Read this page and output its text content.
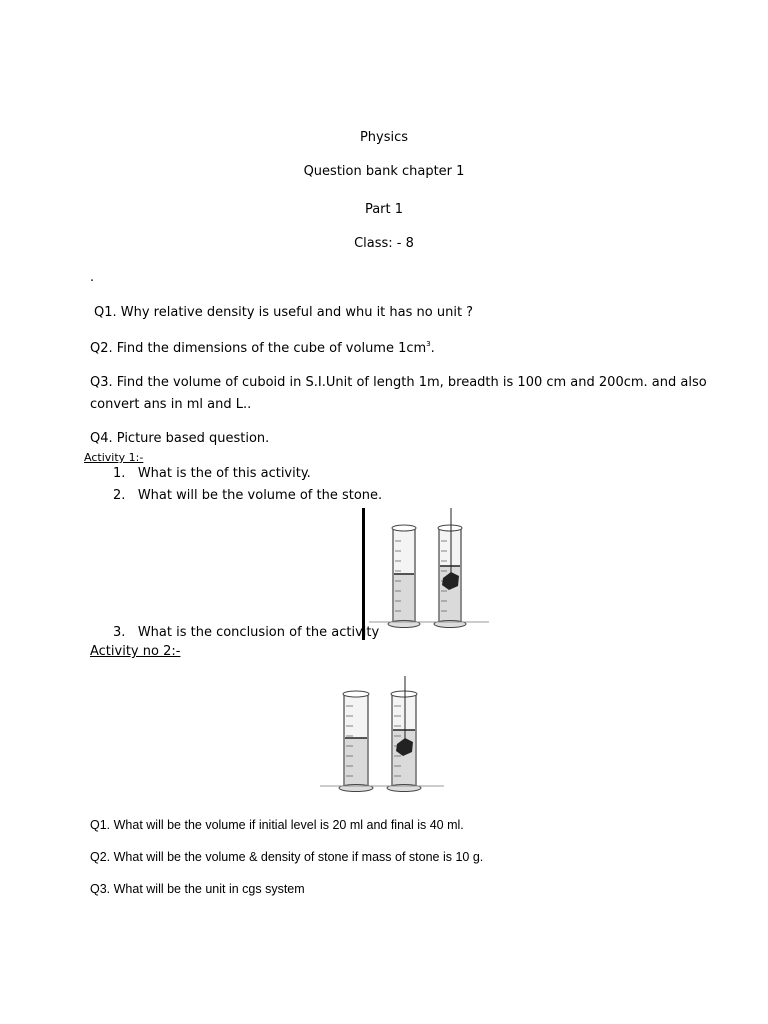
Physics
Question bank chapter 1
Part 1
Class: - 8
.
Q1. Why relative density is useful and whu it has no unit ?
Q2. Find the dimensions of the cube of volume $1cm^3$.
Q3. Find the volume of cuboid in S.I.Unit of length 1m, breadth is 100 cm and 200cm. and also
convert ans in ml and L..
Q4. Picture based question.
Activity 1:-
1. What is the of this activity.
2. What will be the volume of the stone.
3. What is the conclusion of the activity
Activity no 2:-
Q1. What will be the volume if initial level is 20 ml and final is 40 ml.
Q2. What will be the volume & density of stone if mass of stone is 10 g.
Q3. What will be the unit in cgs system
